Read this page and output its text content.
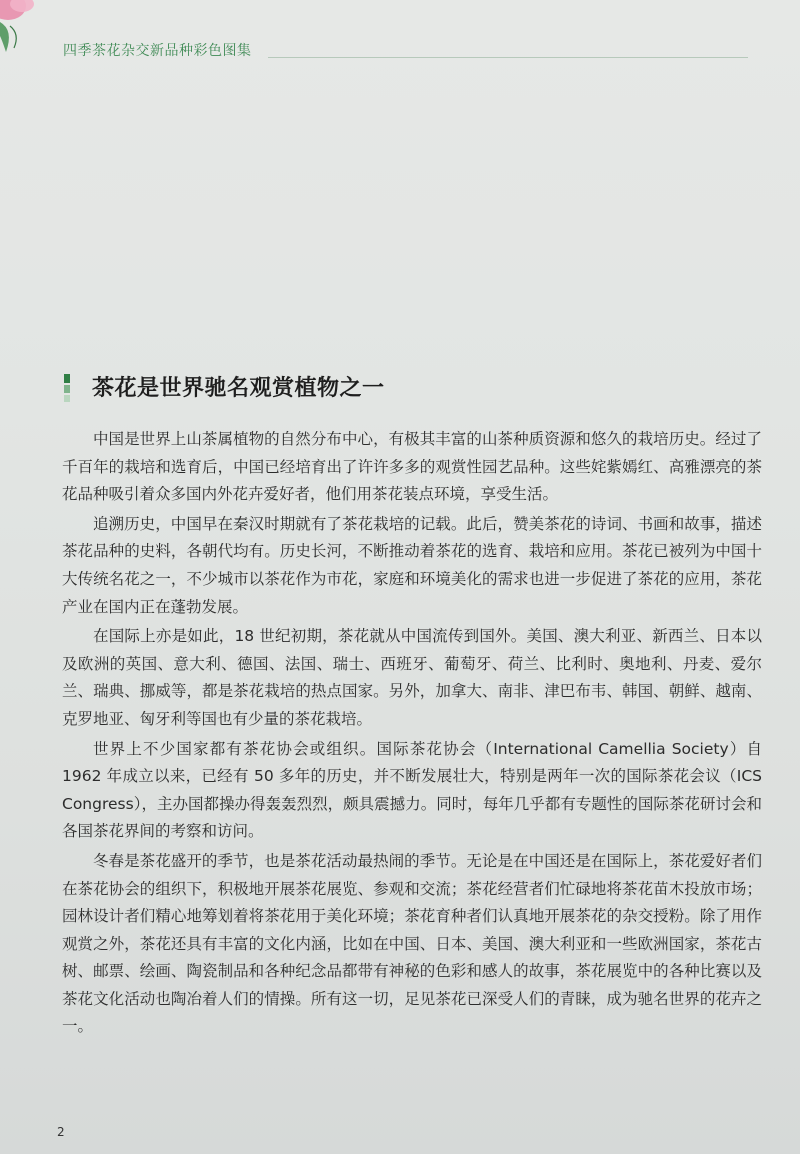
四季茶花杂交新品种彩色图集
茶花是世界驰名观赏植物之一

中国是世界上山茶属植物的自然分布中心，有极其丰富的山茶种质资源和悠久的栽培历史。经过了千百年的栽培和选育后，中国已经培育出了许许多多的观赏性园艺品种。这些姹紫嫣红、高雅漂亮的茶花品种吸引着众多国内外花卉爱好者，他们用茶花装点环境，享受生活。

追溯历史，中国早在秦汉时期就有了茶花栽培的记载。此后，赞美茶花的诗词、书画和故事，描述茶花品种的史料，各朝代均有。历史长河，不断推动着茶花的选育、栽培和应用。茶花已被列为中国十大传统名花之一，不少城市以茶花作为市花，家庭和环境美化的需求也进一步促进了茶花的应用，茶花产业在国内正在蓬勃发展。

在国际上亦是如此，18 世纪初期，茶花就从中国流传到国外。美国、澳大利亚、新西兰、日本以及欧洲的英国、意大利、德国、法国、瑞士、西班牙、葡萄牙、荷兰、比利时、奥地利、丹麦、爱尔兰、瑞典、挪威等，都是茶花栽培的热点国家。另外，加拿大、南非、津巴布韦、韩国、朝鲜、越南、克罗地亚、匈牙利等国也有少量的茶花栽培。

世界上不少国家都有茶花协会或组织。国际茶花协会（International Camellia Society）自 1962 年成立以来，已经有 50 多年的历史，并不断发展壮大，特别是两年一次的国际茶花会议（ICS Congress），主办国都操办得轰轰烈烈，颇具震撼力。同时，每年几乎都有专题性的国际茶花研讨会和各国茶花界间的考察和访问。

冬春是茶花盛开的季节，也是茶花活动最热闹的季节。无论是在中国还是在国际上，茶花爱好者们在茶花协会的组织下，积极地开展茶花展览、参观和交流；茶花经营者们忙碌地将茶花苗木投放市场；园林设计者们精心地筹划着将茶花用于美化环境；茶花育种者们认真地开展茶花的杂交授粉。除了用作观赏之外，茶花还具有丰富的文化内涵，比如在中国、日本、美国、澳大利亚和一些欧洲国家，茶花古树、邮票、绘画、陶瓷制品和各种纪念品都带有神秘的色彩和感人的故事，茶花展览中的各种比赛以及茶花文化活动也陶冶着人们的情操。所有这一切，足见茶花已深受人们的青睐，成为驰名世界的花卉之一。

2
